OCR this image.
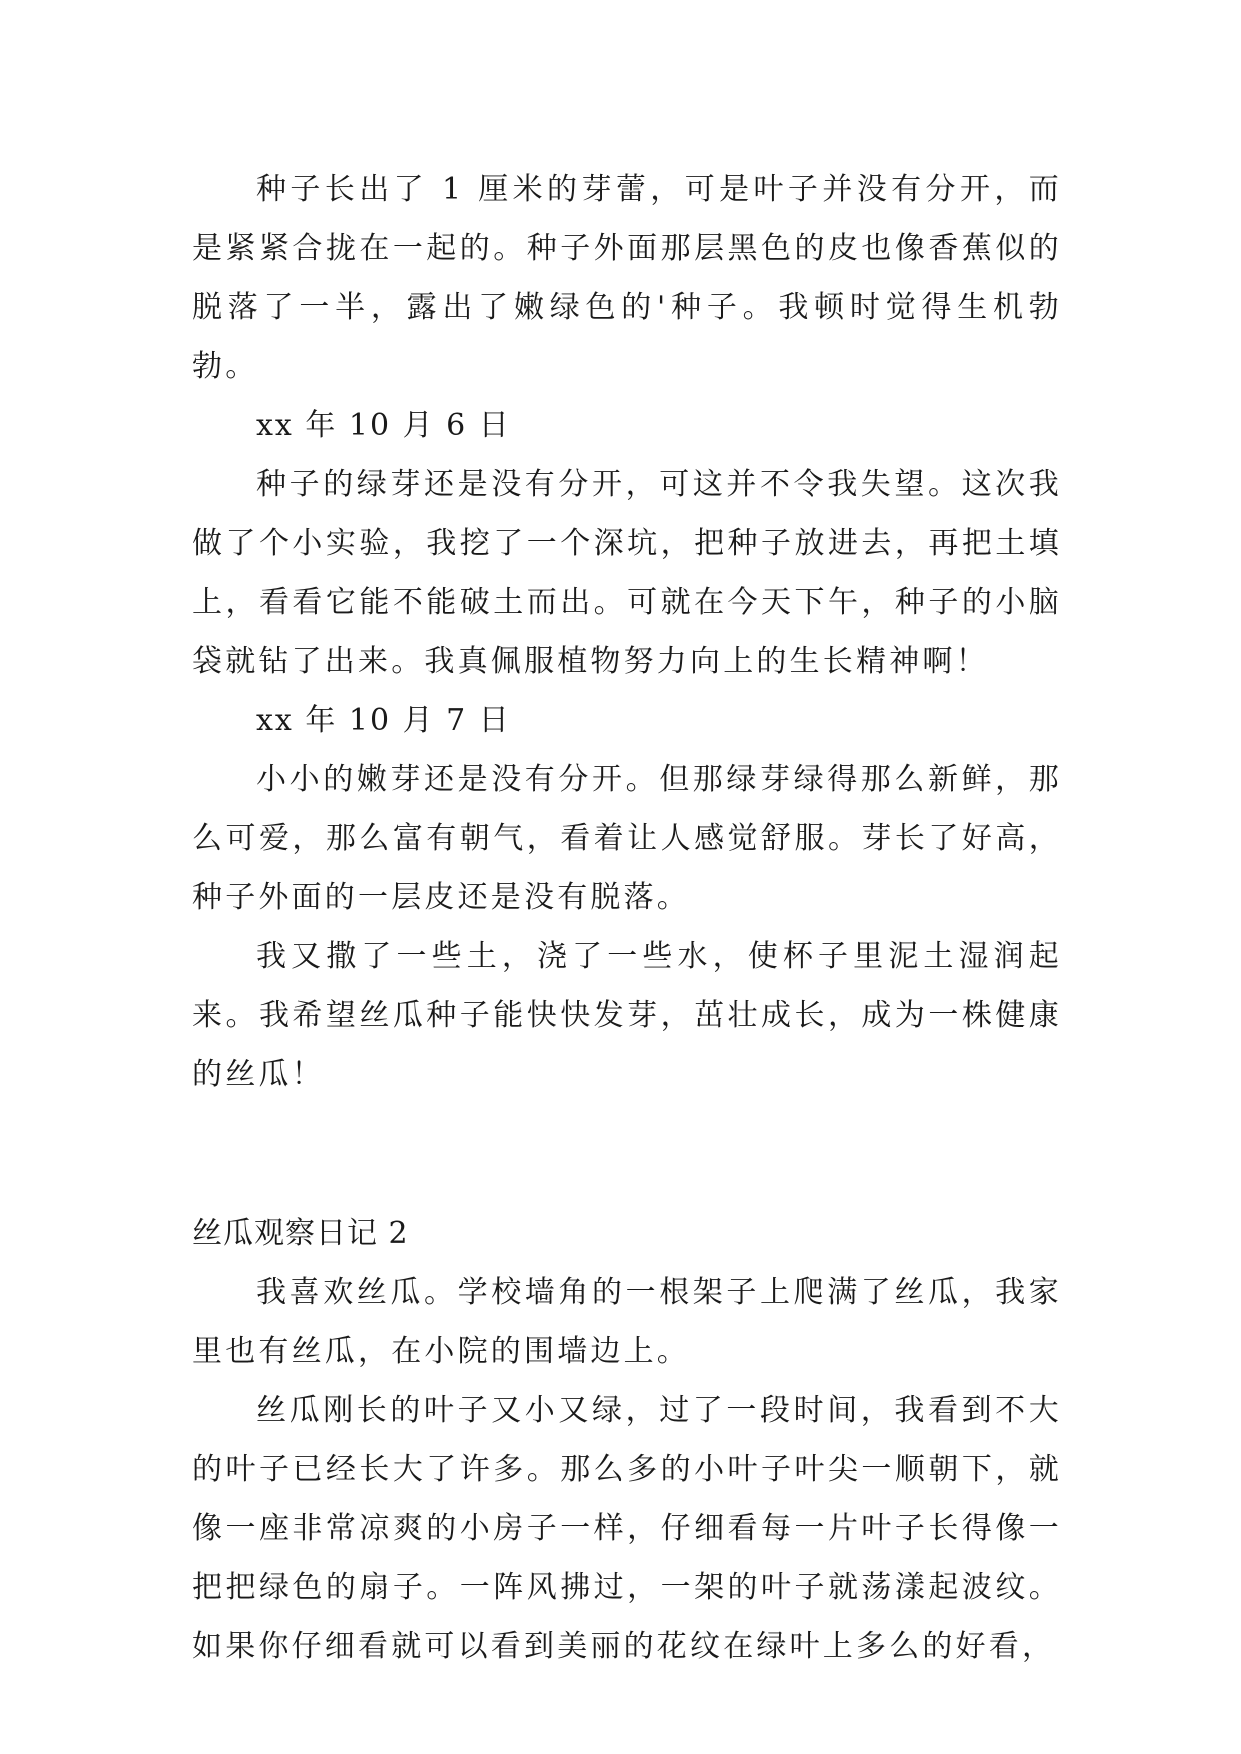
种子长出了 1 厘米的芽蕾，可是叶子并没有分开，而是紧紧合拢在一起的。种子外面那层黑色的皮也像香蕉似的脱落了一半，露出了嫩绿色的'种子。我顿时觉得生机勃勃。

xx 年 10 月 6 日

种子的绿芽还是没有分开，可这并不令我失望。这次我做了个小实验，我挖了一个深坑，把种子放进去，再把土填上，看看它能不能破土而出。可就在今天下午，种子的小脑袋就钻了出来。我真佩服植物努力向上的生长精神啊！

xx 年 10 月 7 日

小小的嫩芽还是没有分开。但那绿芽绿得那么新鲜，那么可爱，那么富有朝气，看着让人感觉舒服。芽长了好高，种子外面的一层皮还是没有脱落。

我又撒了一些土，浇了一些水，使杯子里泥土湿润起来。我希望丝瓜种子能快快发芽，茁壮成长，成为一株健康的丝瓜！

丝瓜观察日记 2

我喜欢丝瓜。学校墙角的一根架子上爬满了丝瓜，我家里也有丝瓜，在小院的围墙边上。

丝瓜刚长的叶子又小又绿，过了一段时间，我看到不大的叶子已经长大了许多。那么多的小叶子叶尖一顺朝下，就像一座非常凉爽的小房子一样，仔细看每一片叶子长得像一把把绿色的扇子。一阵风拂过，一架的叶子就荡漾起波纹。如果你仔细看就可以看到美丽的花纹在绿叶上多么的好看，
